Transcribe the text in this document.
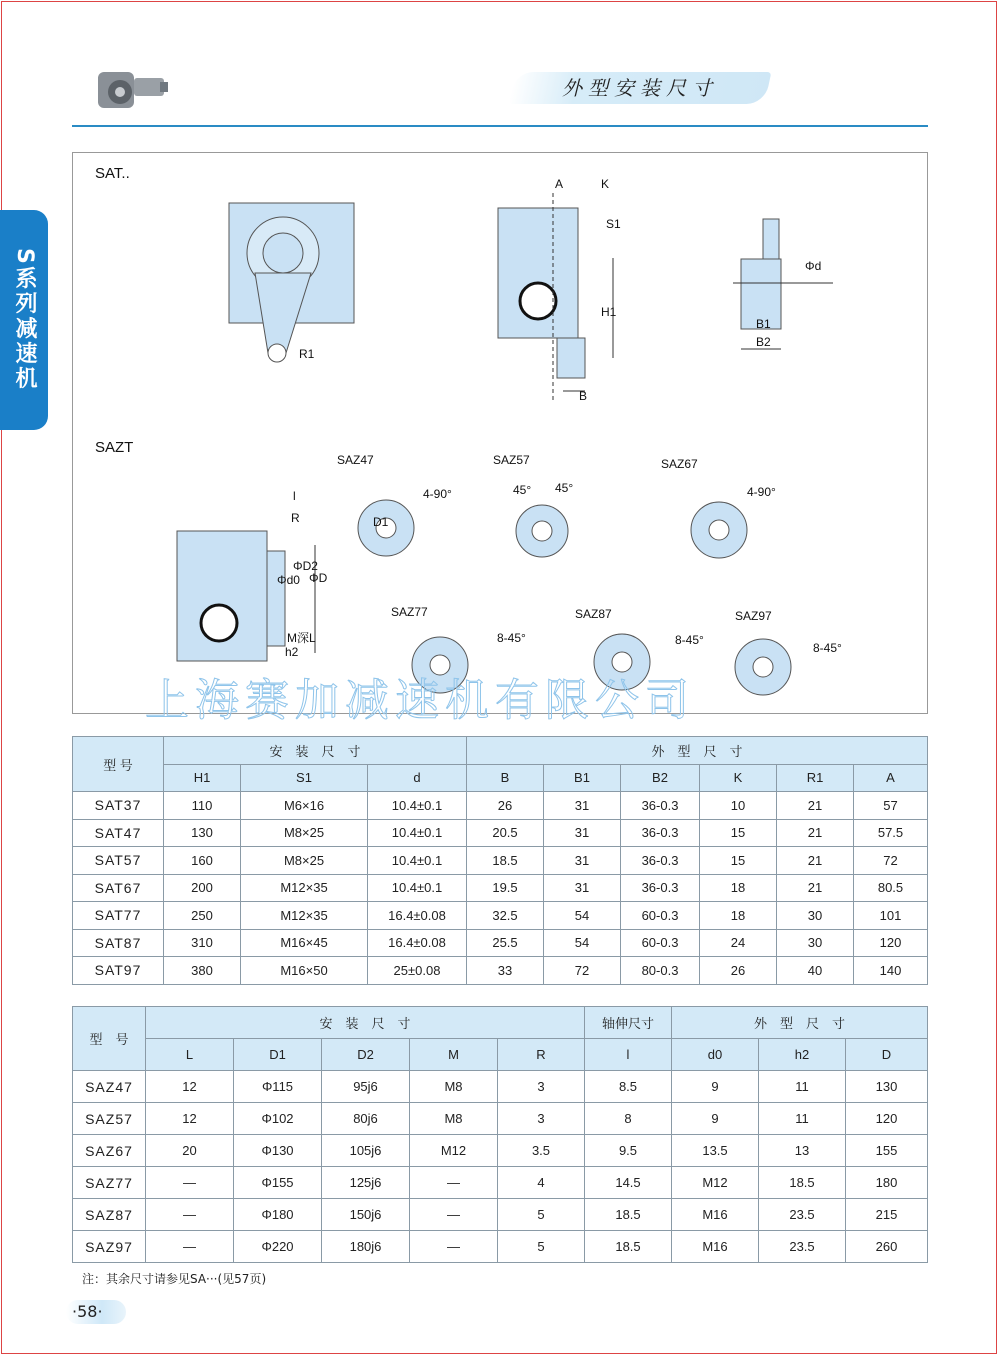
外型安装尺寸
S系列减速机
SAT..
SAZT
A	K
S1
H1
B
R1
B1
B2
Φd
l
R
Φd0
ΦD2
ΦD
M深L
h2
SAZ47
4-90°
SAZ57
45° 45°
SAZ67
4-90°
SAZ77
8-45°
SAZ87
8-45°
SAZ97
8-45°
D1
上海赛加减速机有限公司
型 号	安　装　尺　寸			外　型　尺　寸					
	H1	S1	d	B	B1	B2	K	R1	A
SAT37	110	M6×16	10.4±0.1	26	31	36-0.3	10	21	57
SAT47	130	M8×25	10.4±0.1	20.5	31	36-0.3	15	21	57.5
SAT57	160	M8×25	10.4±0.1	18.5	31	36-0.3	15	21	72
SAT67	200	M12×35	10.4±0.1	19.5	31	36-0.3	18	21	80.5
SAT77	250	M12×35	16.4±0.08	32.5	54	60-0.3	18	30	101
SAT87	310	M16×45	16.4±0.08	25.5	54	60-0.3	24	30	120
SAT97	380	M16×50	25±0.08	33	72	80-0.3	26	40	140
型　号	安　装　尺　寸					轴伸尺寸	外　型　尺　寸		
	L	D1	D2	M	R	l	d0	h2	D
SAZ47	12	Φ115	95j6	M8	3	8.5	9	11	130
SAZ57	12	Φ102	80j6	M8	3	8	9	11	120
SAZ67	20	Φ130	105j6	M12	3.5	9.5	13.5	13	155
SAZ77	—	Φ155	125j6	—	4	14.5	M12	18.5	180
SAZ87	—	Φ180	150j6	—	5	18.5	M16	23.5	215
SAZ97	—	Φ220	180j6	—	5	18.5	M16	23.5	260
注：其余尺寸请参见SA···(见57页)
·58·
